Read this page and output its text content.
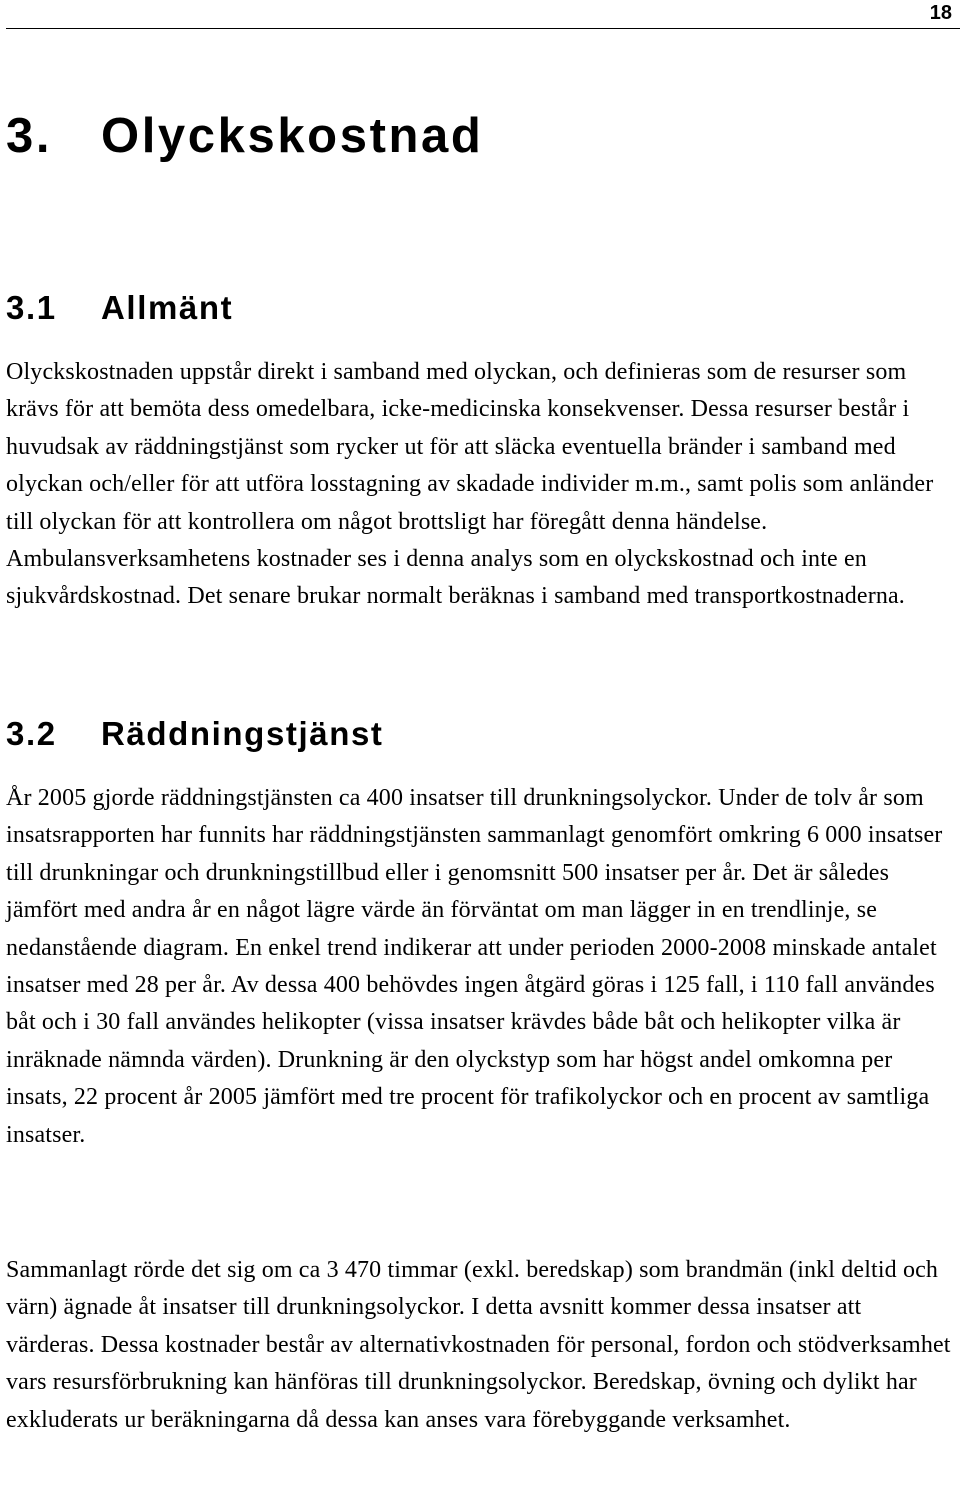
18
3. Olyckskostnad
3.1 Allmänt

Olyckskostnaden uppstår direkt i samband med olyckan, och definieras som de resurser som krävs för att bemöta dess omedelbara, icke-medicinska konsekvenser. Dessa resurser består i huvudsak av räddningstjänst som rycker ut för att släcka eventuella bränder i samband med olyckan och/eller för att utföra losstagning av skadade individer m.m., samt polis som anländer till olyckan för att kontrollera om något brottsligt har föregått denna händelse. Ambulansverksamhetens kostnader ses i denna analys som en olyckskostnad och inte en sjukvårdskostnad. Det senare brukar normalt beräknas i samband med transportkostnaderna.

3.2 Räddningstjänst

År 2005 gjorde räddningstjänsten ca 400 insatser till drunkningsolyckor. Under de tolv år som insatsrapporten har funnits har räddningstjänsten sammanlagt genomfört omkring 6 000 insatser till drunkningar och drunkningstillbud eller i genomsnitt 500 insatser per år. Det är således jämfört med andra år en något lägre värde än förväntat om man lägger in en trendlinje, se nedanstående diagram. En enkel trend indikerar att under perioden 2000-2008 minskade antalet insatser med 28 per år. Av dessa 400 behövdes ingen åtgärd göras i 125 fall, i 110 fall användes båt och i 30 fall användes helikopter (vissa insatser krävdes både båt och helikopter vilka är inräknade nämnda värden). Drunkning är den olyckstyp som har högst andel omkomna per insats, 22 procent år 2005 jämfört med tre procent för trafikolyckor och en procent av samtliga insatser.

Sammanlagt rörde det sig om ca 3 470 timmar (exkl. beredskap) som brandmän (inkl deltid och värn) ägnade åt insatser till drunkningsolyckor. I detta avsnitt kommer dessa insatser att värderas. Dessa kostnader består av alternativkostnaden för personal, fordon och stödverksamhet vars resursförbrukning kan hänföras till drunkningsolyckor. Beredskap, övning och dylikt har exkluderats ur beräkningarna då dessa kan anses vara förebyggande verksamhet.
